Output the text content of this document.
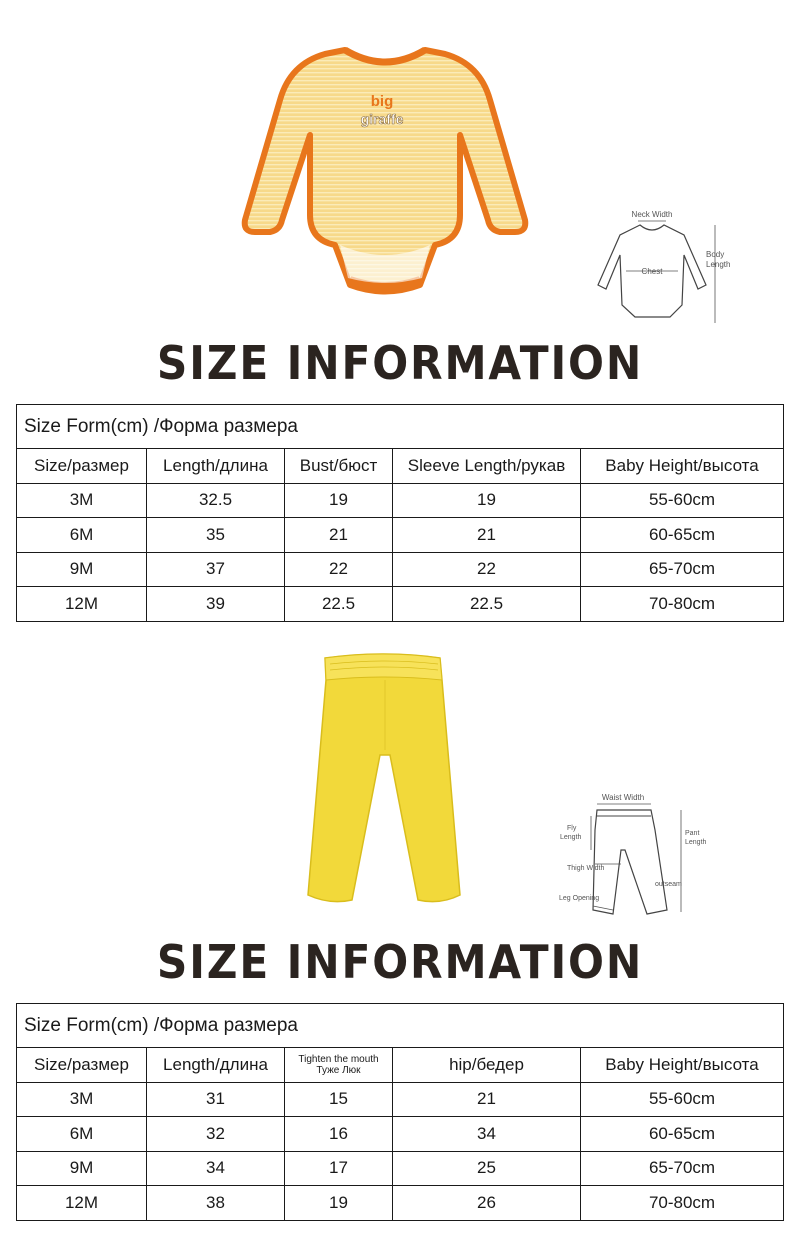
big
giraffe
Neck Width
Chest
Body
Length
SIZE INFORMATION
Size Form(cm) /Форма размера				
Size/размер	Length/длина	Bust/бюст	Sleeve Length/рукав	Baby Height/высота
3M	32.5	19	19	55-60cm
6M	35	21	21	60-65cm
9M	37	22	22	65-70cm
12M	39	22.5	22.5	70-80cm
Waist Width
Fly
Length
Pant
Length
Thigh Width
outseam
Leg Opening
SIZE INFORMATION
Size Form(cm) /Форма размера				
Size/размер	Length/длина	Tighten the mouth Туже Люк	hip/бедер	Baby Height/высота
3M	31	15	21	55-60cm
6M	32	16	34	60-65cm
9M	34	17	25	65-70cm
12M	38	19	26	70-80cm
